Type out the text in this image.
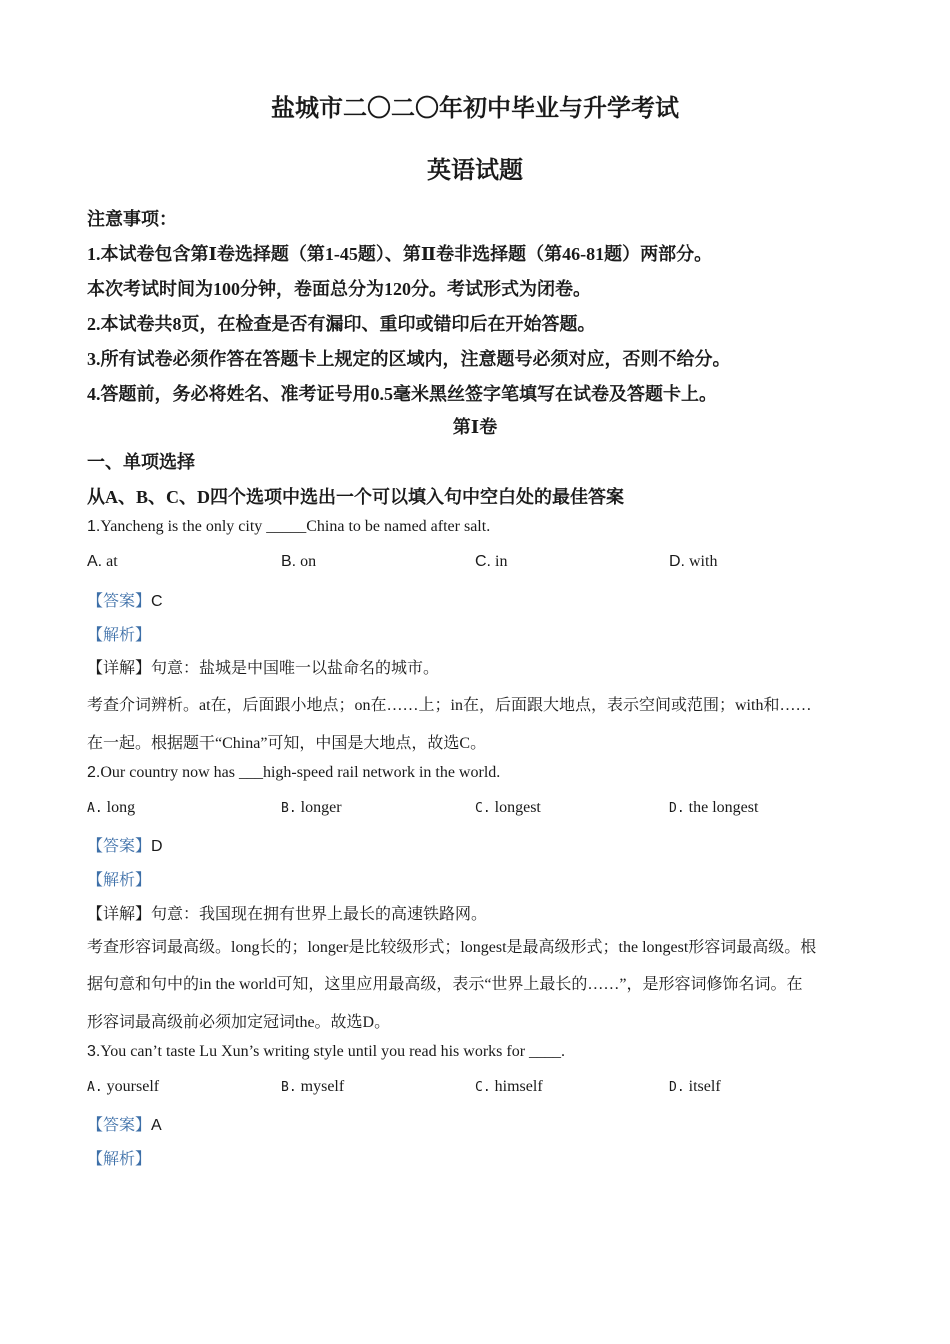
盐城市二〇二〇年初中毕业与升学考试
英语试题
注意事项：
1.本试卷包含第Ⅰ卷选择题（第1-45题）、第Ⅱ卷非选择题（第46-81题）两部分。
本次考试时间为100分钟，卷面总分为120分。考试形式为闭卷。
2.本试卷共8页，在检查是否有漏印、重印或错印后在开始答题。
3.所有试卷必须作答在答题卡上规定的区域内，注意题号必须对应，否则不给分。
4.答题前，务必将姓名、准考证号用0.5毫米黑丝签字笔填写在试卷及答题卡上。
第Ⅰ卷
一、单项选择
从A、B、C、D四个选项中选出一个可以填入句中空白处的最佳答案
1.Yancheng is the only city _____China to be named after salt.
A. at	B. on	C. in	D. with
【答案】C
【解析】
【详解】句意：盐城是中国唯一以盐命名的城市。
考查介词辨析。at在，后面跟小地点；on在……上；in在，后面跟大地点，表示空间或范围；with和……
在一起。根据题干“China”可知，中国是大地点，故选C。
2.Our country now has ___high-speed rail network in the world.
A. long	B. longer	C. longest	D. the longest
【答案】D
【解析】
【详解】句意：我国现在拥有世界上最长的高速铁路网。
考查形容词最高级。long长的；longer是比较级形式；longest是最高级形式；the longest形容词最高级。根
据句意和句中的in the world可知，这里应用最高级，表示“世界上最长的……”，是形容词修饰名词。在
形容词最高级前必须加定冠词the。故选D。
3.You can’t taste Lu Xun’s writing style until you read his works for ____.
A. yourself	B. myself	C. himself	D. itself
【答案】A
【解析】
